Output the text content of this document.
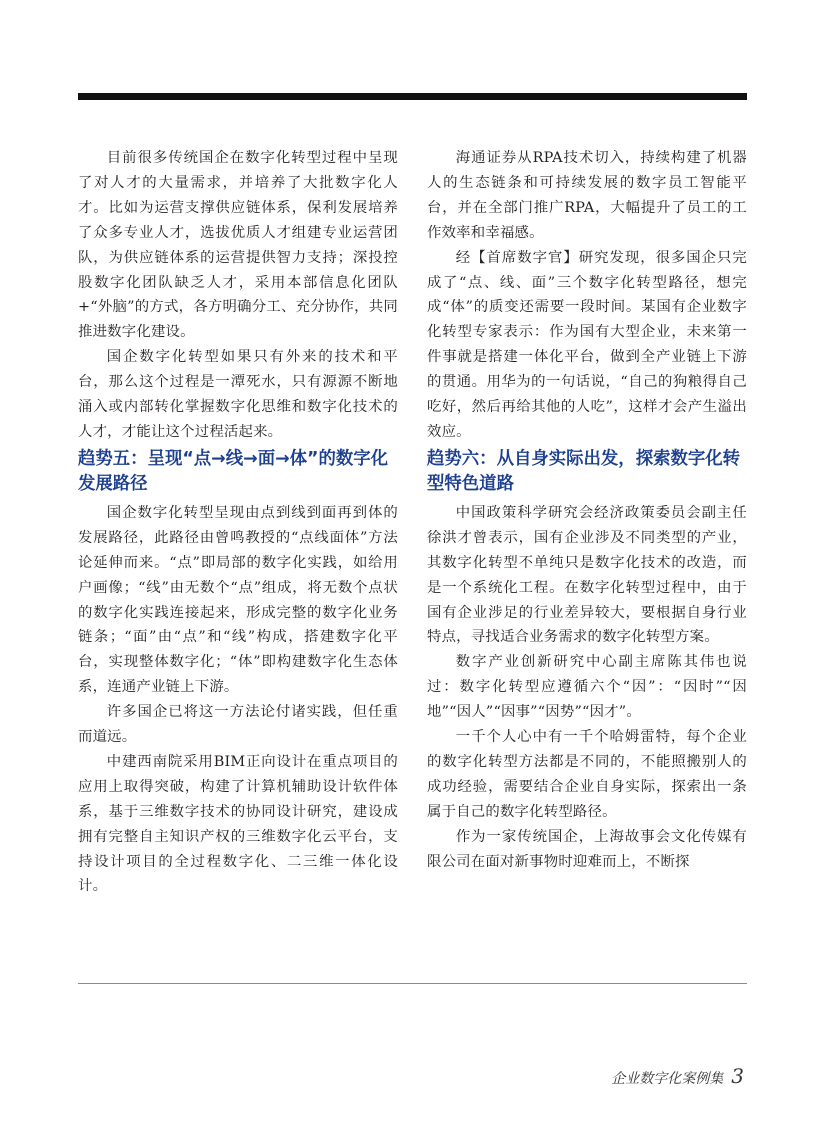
目前很多传统国企在数字化转型过程中呈现了对人才的大量需求，并培养了大批数字化人才。比如为运营支撑供应链体系，保利发展培养了众多专业人才，选拔优质人才组建专业运营团队，为供应链体系的运营提供智力支持；深投控股数字化团队缺乏人才，采用本部信息化团队+“外脑”的方式，各方明确分工、充分协作，共同推进数字化建设。

国企数字化转型如果只有外来的技术和平台，那么这个过程是一潭死水，只有源源不断地涌入或内部转化掌握数字化思维和数字化技术的人才，才能让这个过程活起来。

趋势五：呈现“点→线→面→体”的数字化发展路径

国企数字化转型呈现由点到线到面再到体的发展路径，此路径由曾鸣教授的“点线面体”方法论延伸而来。“点”即局部的数字化实践，如给用户画像；“线”由无数个“点”组成，将无数个点状的数字化实践连接起来，形成完整的数字化业务链条；“面”由“点”和“线”构成，搭建数字化平台，实现整体数字化；“体”即构建数字化生态体系，连通产业链上下游。

许多国企已将这一方法论付诸实践，但任重而道远。

中建西南院采用BIM正向设计在重点项目的应用上取得突破，构建了计算机辅助设计软件体系，基于三维数字技术的协同设计研究，建设成拥有完整自主知识产权的三维数字化云平台，支持设计项目的全过程数字化、二三维一体化设计。

海通证券从RPA技术切入，持续构建了机器人的生态链条和可持续发展的数字员工智能平台，并在全部门推广RPA，大幅提升了员工的工作效率和幸福感。

经【首席数字官】研究发现，很多国企只完成了“点、线、面”三个数字化转型路径，想完成“体”的质变还需要一段时间。某国有企业数字化转型专家表示：作为国有大型企业，未来第一件事就是搭建一体化平台，做到全产业链上下游的贯通。用华为的一句话说，“自己的狗粮得自己吃好，然后再给其他的人吃”，这样才会产生溢出效应。

趋势六：从自身实际出发，探索数字化转型特色道路

中国政策科学研究会经济政策委员会副主任徐洪才曾表示，国有企业涉及不同类型的产业，其数字化转型不单纯只是数字化技术的改造，而是一个系统化工程。在数字化转型过程中，由于国有企业涉足的行业差异较大，要根据自身行业特点，寻找适合业务需求的数字化转型方案。

数字产业创新研究中心副主席陈其伟也说过：数字化转型应遵循六个“因”：“因时”“因地”“因人”“因事”“因势”“因才”。

一千个人心中有一千个哈姆雷特，每个企业的数字化转型方法都是不同的，不能照搬别人的成功经验，需要结合企业自身实际，探索出一条属于自己的数字化转型路径。

作为一家传统国企，上海故事会文化传媒有限公司在面对新事物时迎难而上，不断探

企业数字化案例集 3
